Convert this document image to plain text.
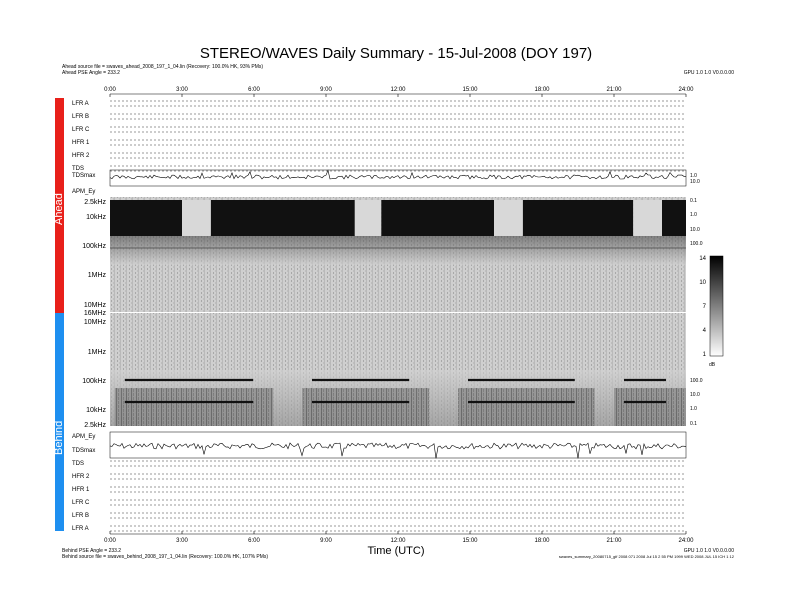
STEREO/WAVES Daily Summary - 15-Jul-2008 (DOY 197)
Ahead source file = swaves_ahead_2008_197_1_04.lin (Recovery: 100.0% HK, 93% PMs)
Ahead PSE Angle = 233.2	GPU 1.0 1.0 V0.0.0.00
Ahead
Behind
0:00	3:00	6:00	9:00	12:00	15:00	18:00	21:00	24:00
LFR A
LFR B
LFR C
HFR 1
HFR 2
TDS
TDSmax
APM_Ey
2.5kHz
10kHz
100kHz
1MHz
10MHz
16MHz
10MHz
1MHz
100kHz
10kHz
2.5kHz
0.1
1.0
10.0
100.0
100.0
10.0
1.0
0.1
1.0
10.0
14
10
7
4
1
dB
TDS
HFR 2
HFR 1
LFR C
LFR B
LFR A
APM_Ey
TDSmax
0:00	3:00	6:00	9:00	12:00	15:00	18:00	21:00	24:00
Time (UTC)
Behind PSE Angle = 233.2
Behind source file = swaves_behind_2008_197_1_04.lin (Recovery: 100.0% HK, 107% PMs)
GPU 1.0 1.0 V0.0.0.00
swaves_summary_20080715_gif 2008 071 2008 Jul 15 2 55 PM 1999 WED 2008 JUL 15 ICH 1 12
